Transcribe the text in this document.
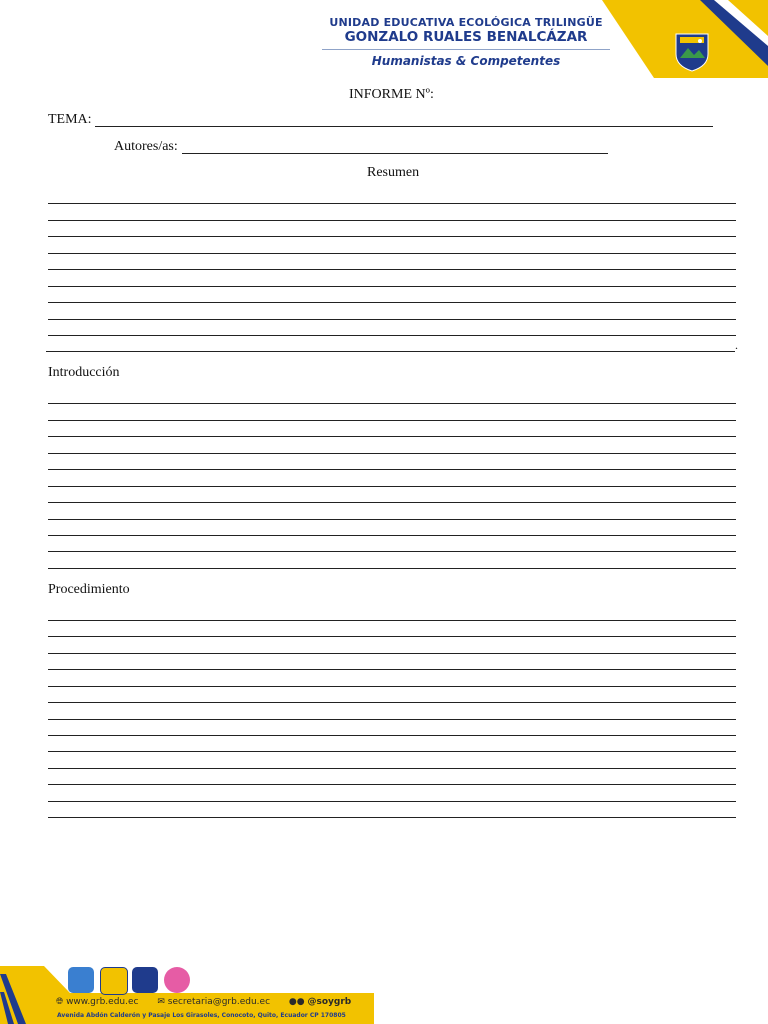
UNIDAD EDUCATIVA ECOLÓGICA TRILINGÜE
GONZALO RUALES BENALCÁZAR
Humanistas & Competentes
INFORME Nº:
TEMA:
Autores/as:
Resumen
.
Introducción
Procedimiento
🌐︎ www.grb.edu.ec ✉ secretaria@grb.edu.ec ●● @soygrb
Avenida Abdón Calderón y Pasaje Los Girasoles, Conocoto, Quito, Ecuador CP 170805
